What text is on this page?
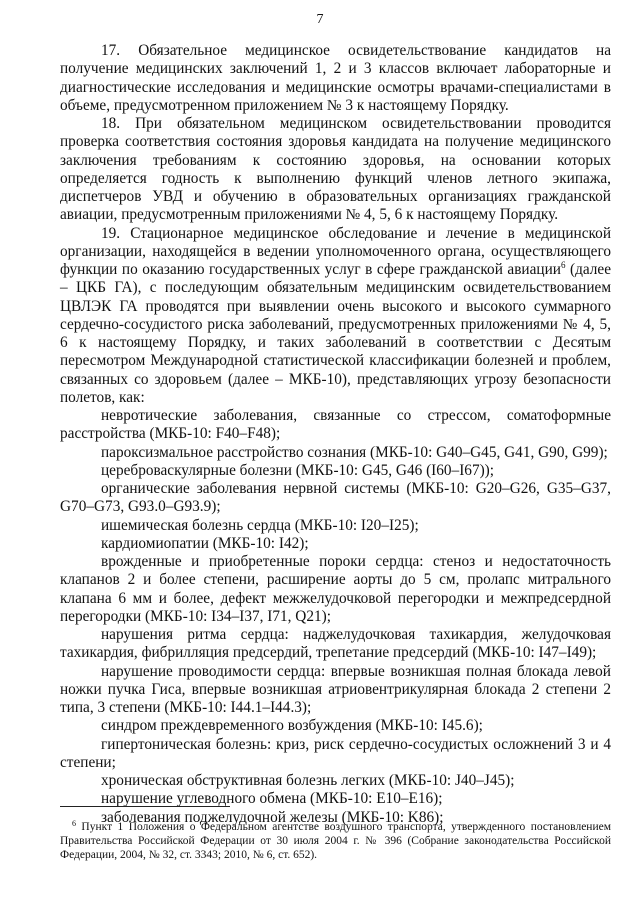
7

17. Обязательное медицинское освидетельствование кандидатов на получение медицинских заключений 1, 2 и 3 классов включает лабораторные и диагностические исследования и медицинские осмотры врачами-специалистами в объеме, предусмотренном приложением № 3 к настоящему Порядку.

18. При обязательном медицинском освидетельствовании проводится проверка соответствия состояния здоровья кандидата на получение медицинского заключения требованиям к состоянию здоровья, на основании которых определяется годность к выполнению функций членов летного экипажа, диспетчеров УВД и обучению в образовательных организациях гражданской авиации, предусмотренным приложениями № 4, 5, 6 к настоящему Порядку.

19. Стационарное медицинское обследование и лечение в медицинской организации, находящейся в ведении уполномоченного органа, осуществляющего функции по оказанию государственных услуг в сфере гражданской авиации$^6$ (далее – ЦКБ ГА), с последующим обязательным медицинским освидетельствованием ЦВЛЭК ГА проводятся при выявлении очень высокого и высокого суммарного сердечно-сосудистого риска заболеваний, предусмотренных приложениями № 4, 5, 6 к настоящему Порядку, и таких заболеваний в соответствии с Десятым пересмотром Международной статистической классификации болезней и проблем, связанных со здоровьем (далее – МКБ-10), представляющих угрозу безопасности полетов, как:

невротические заболевания, связанные со стрессом, соматоформные расстройства (МКБ-10: F40–F48);

пароксизмальное расстройство сознания (МКБ-10: G40–G45, G41, G90, G99);

цереброваскулярные болезни (МКБ-10: G45, G46 (I60–I67));

органические заболевания нервной системы (МКБ-10: G20–G26, G35–G37, G70–G73, G93.0–G93.9);

ишемическая болезнь сердца (МКБ-10: I20–I25);

кардиомиопатии (МКБ-10: I42);

врожденные и приобретенные пороки сердца: стеноз и недостаточность клапанов 2 и более степени, расширение аорты до 5 см, пролапс митрального клапана 6 мм и более, дефект межжелудочковой перегородки и межпредсердной перегородки (МКБ-10: I34–I37, I71, Q21);

нарушения ритма сердца: наджелудочковая тахикардия, желудочковая тахикардия, фибрилляция предсердий, трепетание предсердий (МКБ-10: I47–I49);

нарушение проводимости сердца: впервые возникшая полная блокада левой ножки пучка Гиса, впервые возникшая атриовентрикулярная блокада 2 степени 2 типа, 3 степени (МКБ-10: I44.1–I44.3);

синдром преждевременного возбуждения (МКБ-10: I45.6);

гипертоническая болезнь: криз, риск сердечно-сосудистых осложнений 3 и 4 степени;

хроническая обструктивная болезнь легких (МКБ-10: J40–J45);

нарушение углеводного обмена (МКБ-10: E10–E16);

заболевания поджелудочной железы (МКБ-10: K86);

$^6$ Пункт 1 Положения о Федеральном агентстве воздушного транспорта, утвержденного постановлением Правительства Российской Федерации от 30 июля 2004 г. № 396 (Собрание законодательства Российской Федерации, 2004, № 32, ст. 3343; 2010, № 6, ст. 652).
